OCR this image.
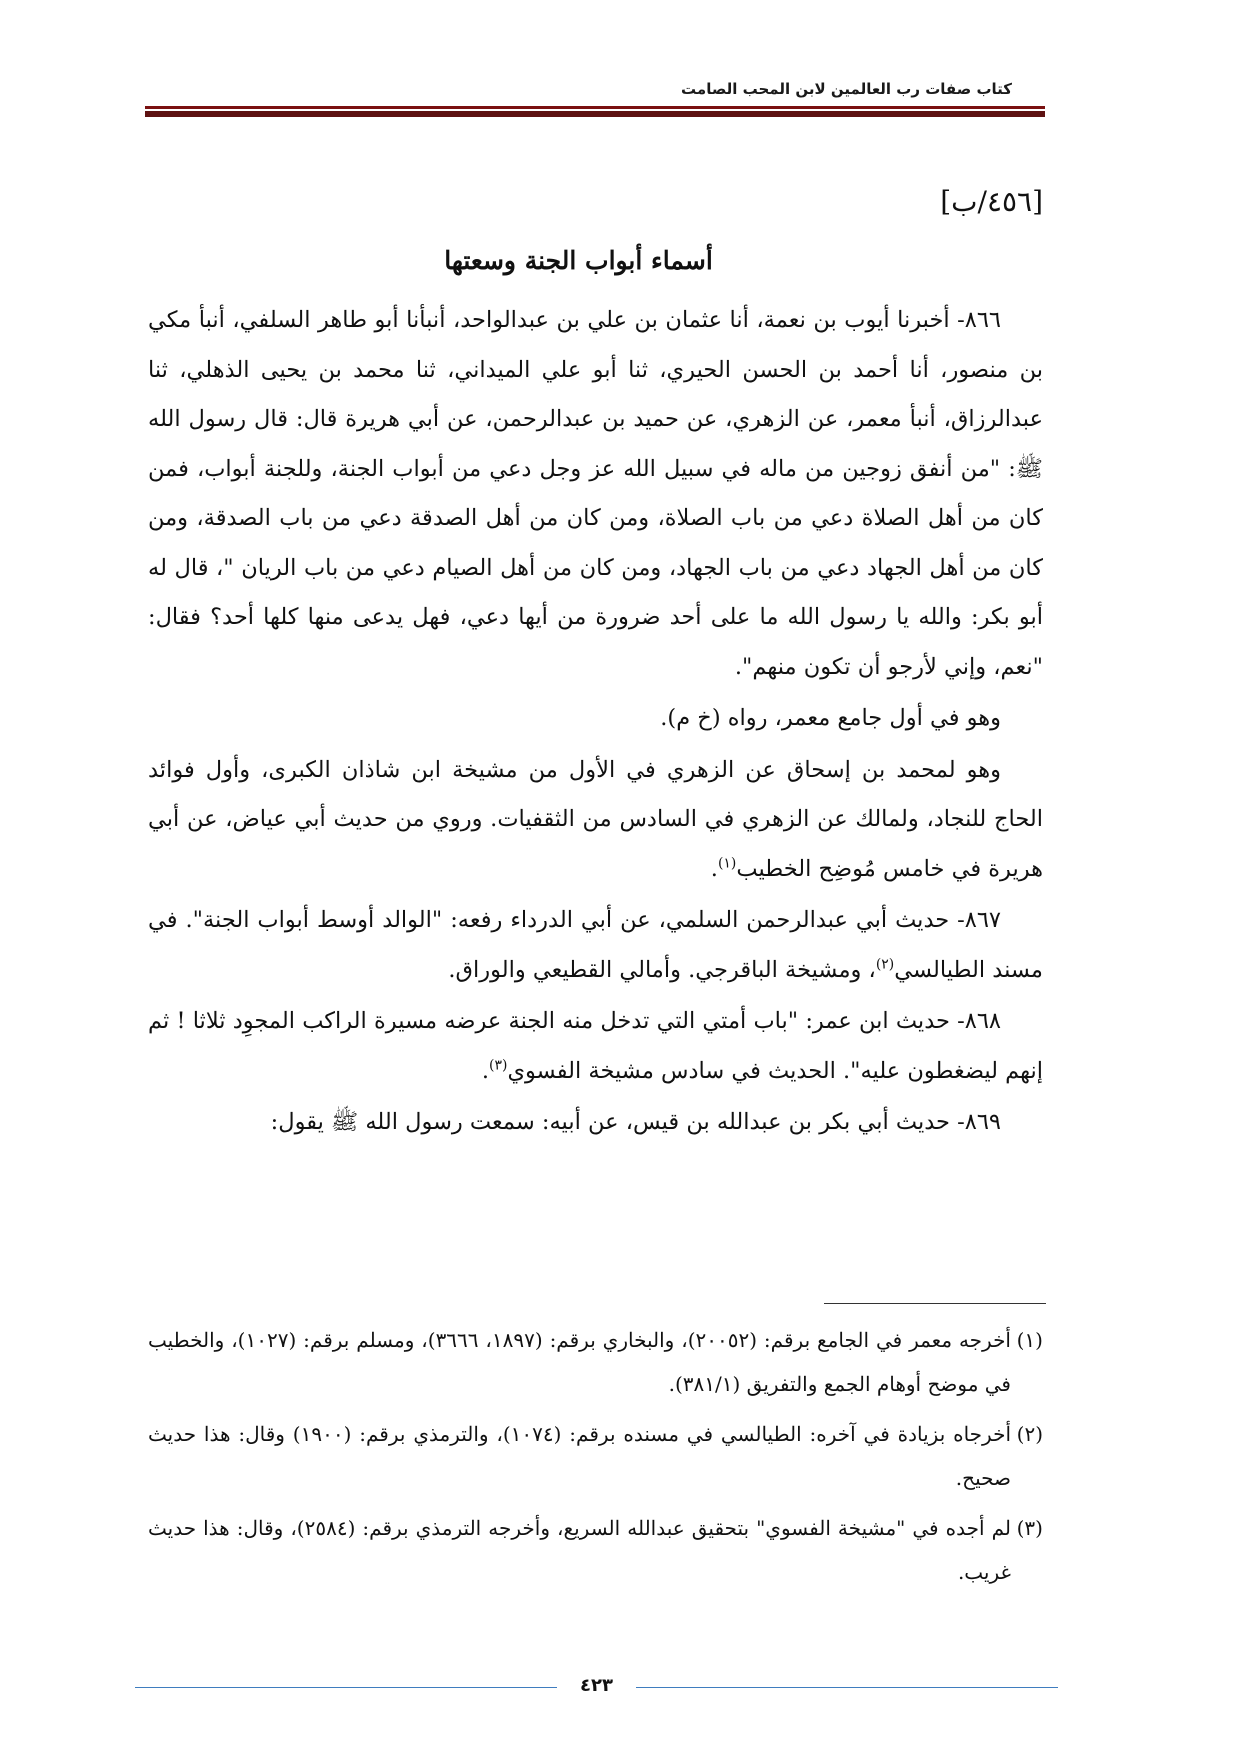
كتاب صفات رب العالمين لابن المحب الصامت
[٤٥٦/ب]
أسماء أبواب الجنة وسعتها

٨٦٦- أخبرنا أيوب بن نعمة، أنا عثمان بن علي بن عبدالواحد، أنبأنا أبو طاهر السلفي، أنبأ مكي بن منصور، أنا أحمد بن الحسن الحيري، ثنا أبو علي الميداني، ثنا محمد بن يحيى الذهلي، ثنا عبدالرزاق، أنبأ معمر، عن الزهري، عن حميد بن عبدالرحمن، عن أبي هريرة قال: قال رسول الله ﷺ: "من أنفق زوجين من ماله في سبيل الله عز وجل دعي من أبواب الجنة، وللجنة أبواب، فمن كان من أهل الصلاة دعي من باب الصلاة، ومن كان من أهل الصدقة دعي من باب الصدقة، ومن كان من أهل الجهاد دعي من باب الجهاد، ومن كان من أهل الصيام دعي من باب الريان "، قال له أبو بكر: والله يا رسول الله ما على أحد ضرورة من أيها دعي، فهل يدعى منها كلها أحد؟ فقال: "نعم، وإني لأرجو أن تكون منهم".

وهو في أول جامع معمر، رواه (خ م).

وهو لمحمد بن إسحاق عن الزهري في الأول من مشيخة ابن شاذان الكبرى، وأول فوائد الحاج للنجاد، ولمالك عن الزهري في السادس من الثقفيات. وروي من حديث أبي عياض، عن أبي هريرة في خامس مُوضِح الخطيب$^{(١)}$.

٨٦٧- حديث أبي عبدالرحمن السلمي، عن أبي الدرداء رفعه: "الوالد أوسط أبواب الجنة". في مسند الطيالسي$^{(٢)}$، ومشيخة الباقرجي. وأمالي القطيعي والوراق.

٨٦٨- حديث ابن عمر: "باب أمتي التي تدخل منه الجنة عرضه مسيرة الراكب المجوِد ثلاثا ! ثم إنهم ليضغطون عليه". الحديث في سادس مشيخة الفسوي$^{(٣)}$.

٨٦٩- حديث أبي بكر بن عبدالله بن قيس، عن أبيه: سمعت رسول الله ﷺ يقول:

(١)أخرجه معمر في الجامع برقم: (٢٠٠٥٢)، والبخاري برقم: (١٨٩٧، ٣٦٦٦)، ومسلم برقم: (١٠٢٧)، والخطيب في موضح أوهام الجمع والتفريق (٣٨١/١).

(٢)أخرجاه بزيادة في آخره: الطيالسي في مسنده برقم: (١٠٧٤)، والترمذي برقم: (١٩٠٠) وقال: هذا حديث صحيح.

(٣)لم أجده في "مشيخة الفسوي" بتحقيق عبدالله السريع، وأخرجه الترمذي برقم: (٢٥٨٤)، وقال: هذا حديث غريب.

٤٢٣
